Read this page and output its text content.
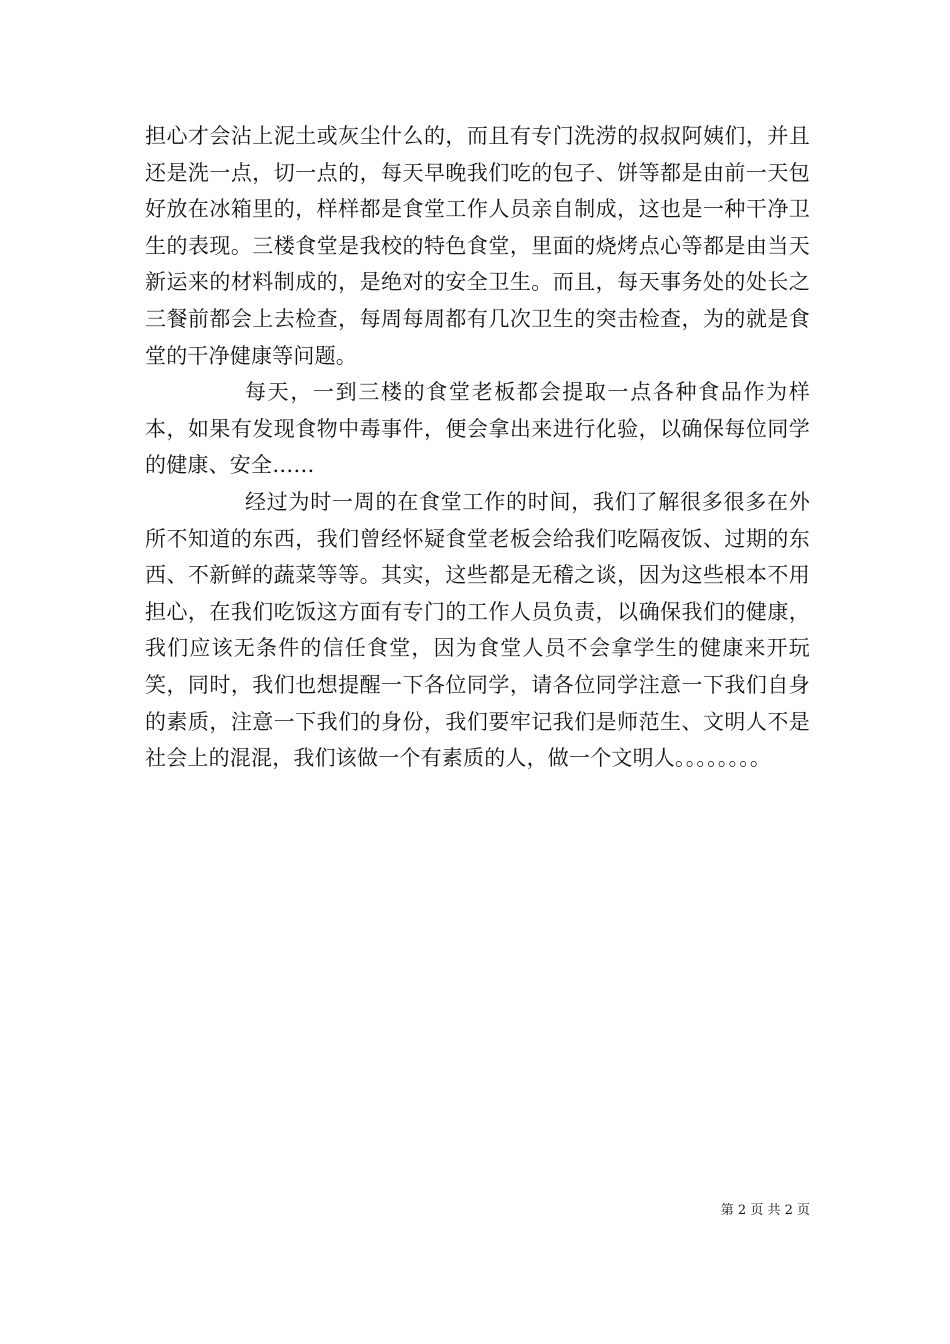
担心才会沾上泥土或灰尘什么的，而且有专门洗涝的叔叔阿姨们，并且还是洗一点，切一点的，每天早晚我们吃的包子、饼等都是由前一天包好放在冰箱里的，样样都是食堂工作人员亲自制成，这也是一种干净卫生的表现。三楼食堂是我校的特色食堂，里面的烧烤点心等都是由当天新运来的材料制成的，是绝对的安全卫生。而且，每天事务处的处长之三餐前都会上去检查，每周每周都有几次卫生的突击检查，为的就是食堂的干净健康等问题。

每天，一到三楼的食堂老板都会提取一点各种食品作为样本，如果有发现食物中毒事件，便会拿出来进行化验，以确保每位同学的健康、安全……

经过为时一周的在食堂工作的时间，我们了解很多很多在外所不知道的东西，我们曾经怀疑食堂老板会给我们吃隔夜饭、过期的东西、不新鲜的蔬菜等等。其实，这些都是无稽之谈，因为这些根本不用担心，在我们吃饭这方面有专门的工作人员负责，以确保我们的健康，我们应该无条件的信任食堂，因为食堂人员不会拿学生的健康来开玩笑，同时，我们也想提醒一下各位同学，请各位同学注意一下我们自身的素质，注意一下我们的身份，我们要牢记我们是师范生、文明人不是社会上的混混，我们该做一个有素质的人，做一个文明人。。。。。。。。

第 2 页 共 2 页
